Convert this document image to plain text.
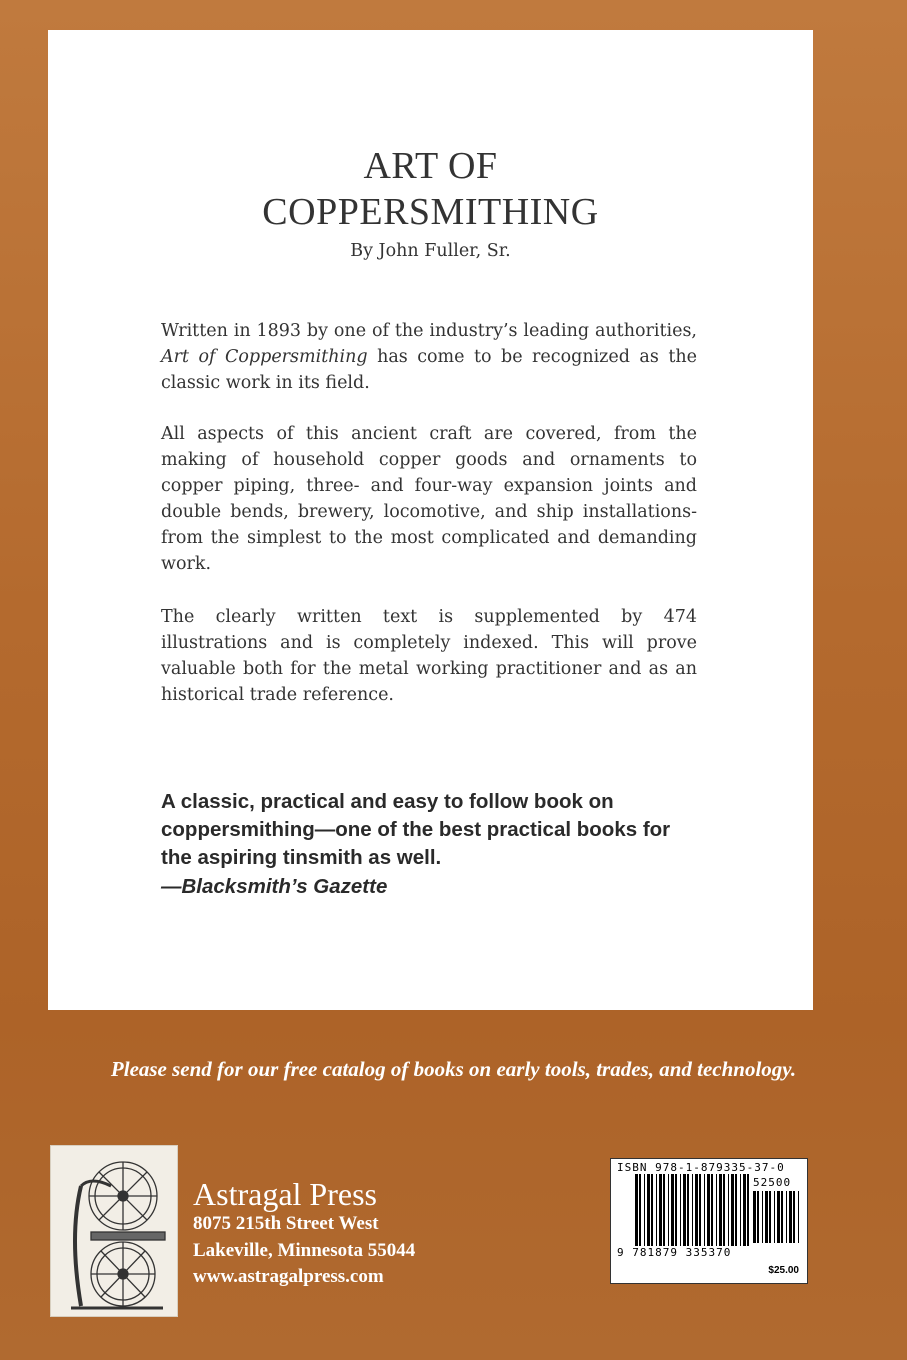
ART OF
COPPERSMITHING
By John Fuller, Sr.

Written in 1893 by one of the industry’s leading authorities, Art of Coppersmithing has come to be recognized as the classic work in its field.

All aspects of this ancient craft are covered, from the making of household copper goods and ornaments to copper piping, three- and four-way expansion joints and double bends, brewery, locomotive, and ship installations-from the simplest to the most complicated and demanding work.

The clearly written text is supplemented by 474 illustrations and is completely indexed. This will prove valuable both for the metal working practitioner and as an historical trade reference.

A classic, practical and easy to follow book on coppersmithing—one of the best practical books for the aspiring tinsmith as well.
—Blacksmith’s Gazette
Please send for our free catalog of books on early tools, trades, and technology.
Astragal Press
8075 215th Street West
Lakeville, Minnesota 55044
www.astragalpress.com
ISBN 978-1-879335-37-0
52500
9 781879 335370
$25.00
